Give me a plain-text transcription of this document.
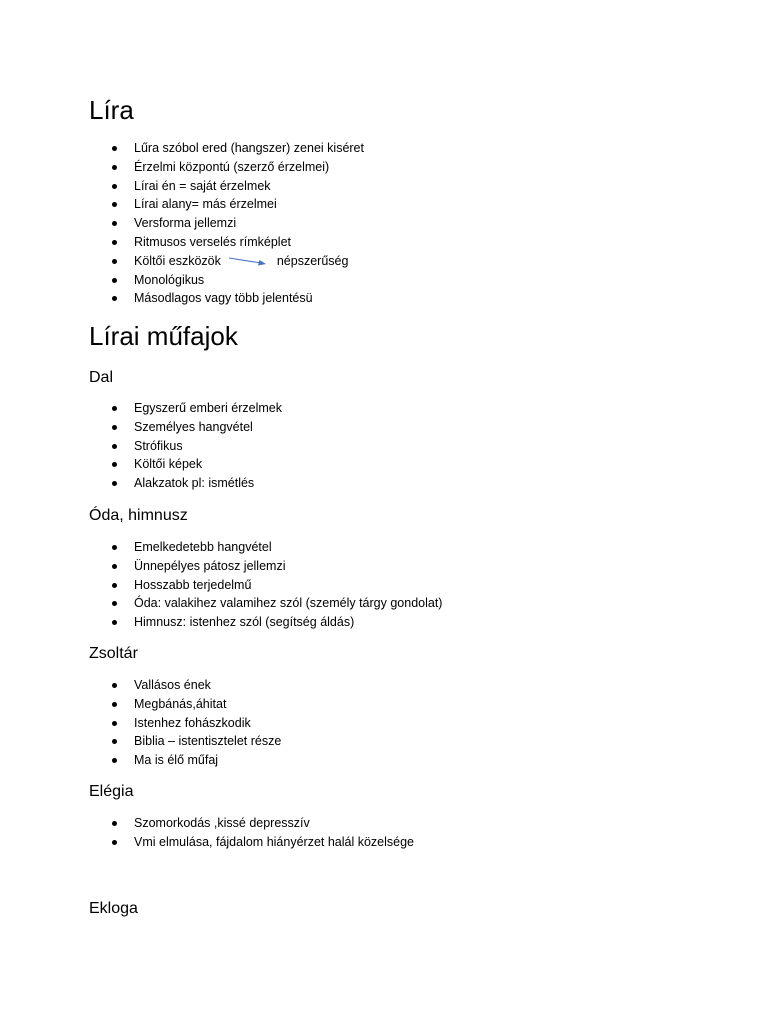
Líra
Lűra szóbol ered (hangszer) zenei kiséret
Érzelmi központú (szerző érzelmei)
Lírai én = saját érzelmek
Lírai alany= más érzelmei
Versforma jellemzi
Ritmusos verselés rímképlet
Költői eszközök	népszerűség
Monológikus
Másodlagos vagy több jelentésü
Lírai műfajok
Dal
Egyszerű emberi érzelmek
Személyes hangvétel
Strófikus
Költői képek
Alakzatok pl: ismétlés
Óda, himnusz
Emelkedetebb hangvétel
Ünnepélyes pátosz jellemzi
Hosszabb terjedelmű
Óda: valakihez valamihez szól (személy tárgy gondolat)
Himnusz: istenhez szól (segítség áldás)
Zsoltár
Vallásos ének
Megbánás,áhitat
Istenhez fohászkodik
Biblia – istentisztelet része
Ma is élő műfaj
Elégia
Szomorkodás ,kissé depresszív
Vmi elmulása, fájdalom hiányérzet halál közelsége
Ekloga
